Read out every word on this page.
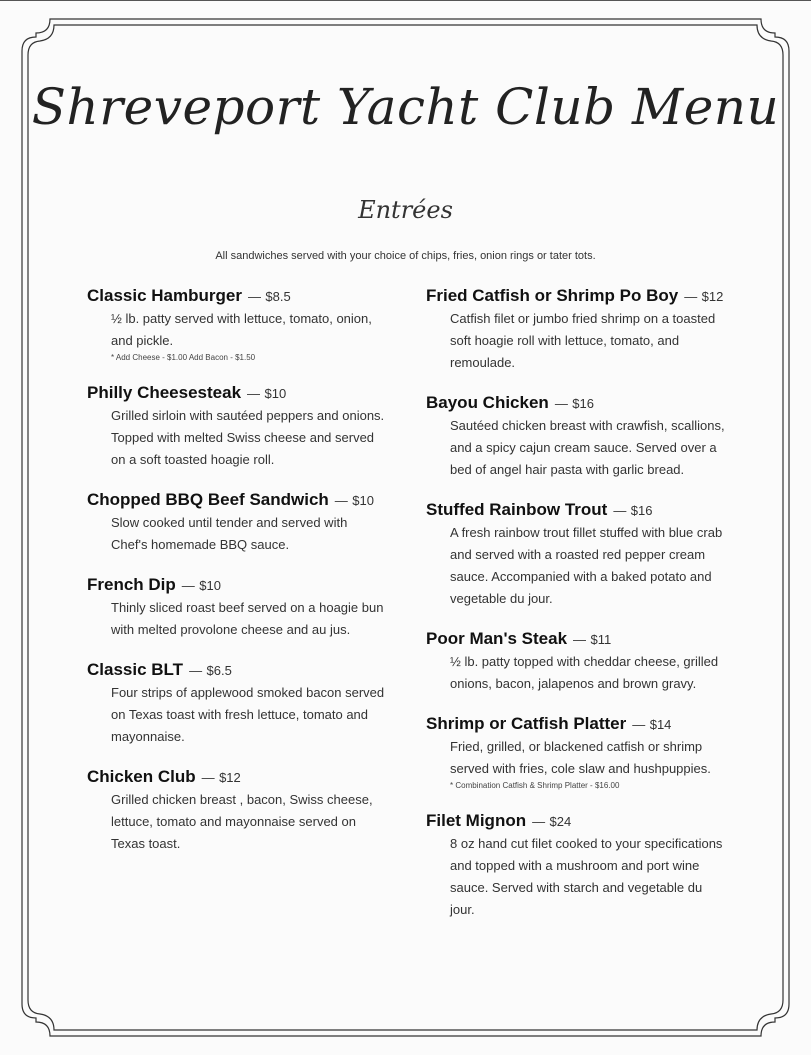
Shreveport Yacht Club Menu
Entrées
All sandwiches served with your choice of chips, fries, onion rings or tater tots.
Classic Hamburger — $8.5
½ lb. patty served with lettuce, tomato, onion, and pickle.
* Add Cheese - $1.00 Add Bacon - $1.50
Philly Cheesesteak — $10
Grilled sirloin with sautéed peppers and onions. Topped with melted Swiss cheese and served on a soft toasted hoagie roll.
Chopped BBQ Beef Sandwich — $10
Slow cooked until tender and served with Chef's homemade BBQ sauce.
French Dip — $10
Thinly sliced roast beef served on a hoagie bun with melted provolone cheese and au jus.
Classic BLT — $6.5
Four strips of applewood smoked bacon served on Texas toast with fresh lettuce, tomato and mayonnaise.
Chicken Club — $12
Grilled chicken breast , bacon, Swiss cheese, lettuce, tomato and mayonnaise served on Texas toast.
Fried Catfish or Shrimp Po Boy — $12
Catfish filet or jumbo fried shrimp on a toasted soft hoagie roll with lettuce, tomato, and remoulade.
Bayou Chicken — $16
Sautéed chicken breast with crawfish, scallions, and a spicy cajun cream sauce. Served over a bed of angel hair pasta with garlic bread.
Stuffed Rainbow Trout — $16
A fresh rainbow trout fillet stuffed with blue crab and served with a roasted red pepper cream sauce. Accompanied with a baked potato and vegetable du jour.
Poor Man's Steak — $11
½ lb. patty topped with cheddar cheese, grilled onions, bacon, jalapenos and brown gravy.
Shrimp or Catfish Platter — $14
Fried, grilled, or blackened catfish or shrimp served with fries, cole slaw and hushpuppies.
* Combination Catfish & Shrimp Platter - $16.00
Filet Mignon — $24
8 oz hand cut filet cooked to your specifications and topped with a mushroom and port wine sauce. Served with starch and vegetable du jour.
